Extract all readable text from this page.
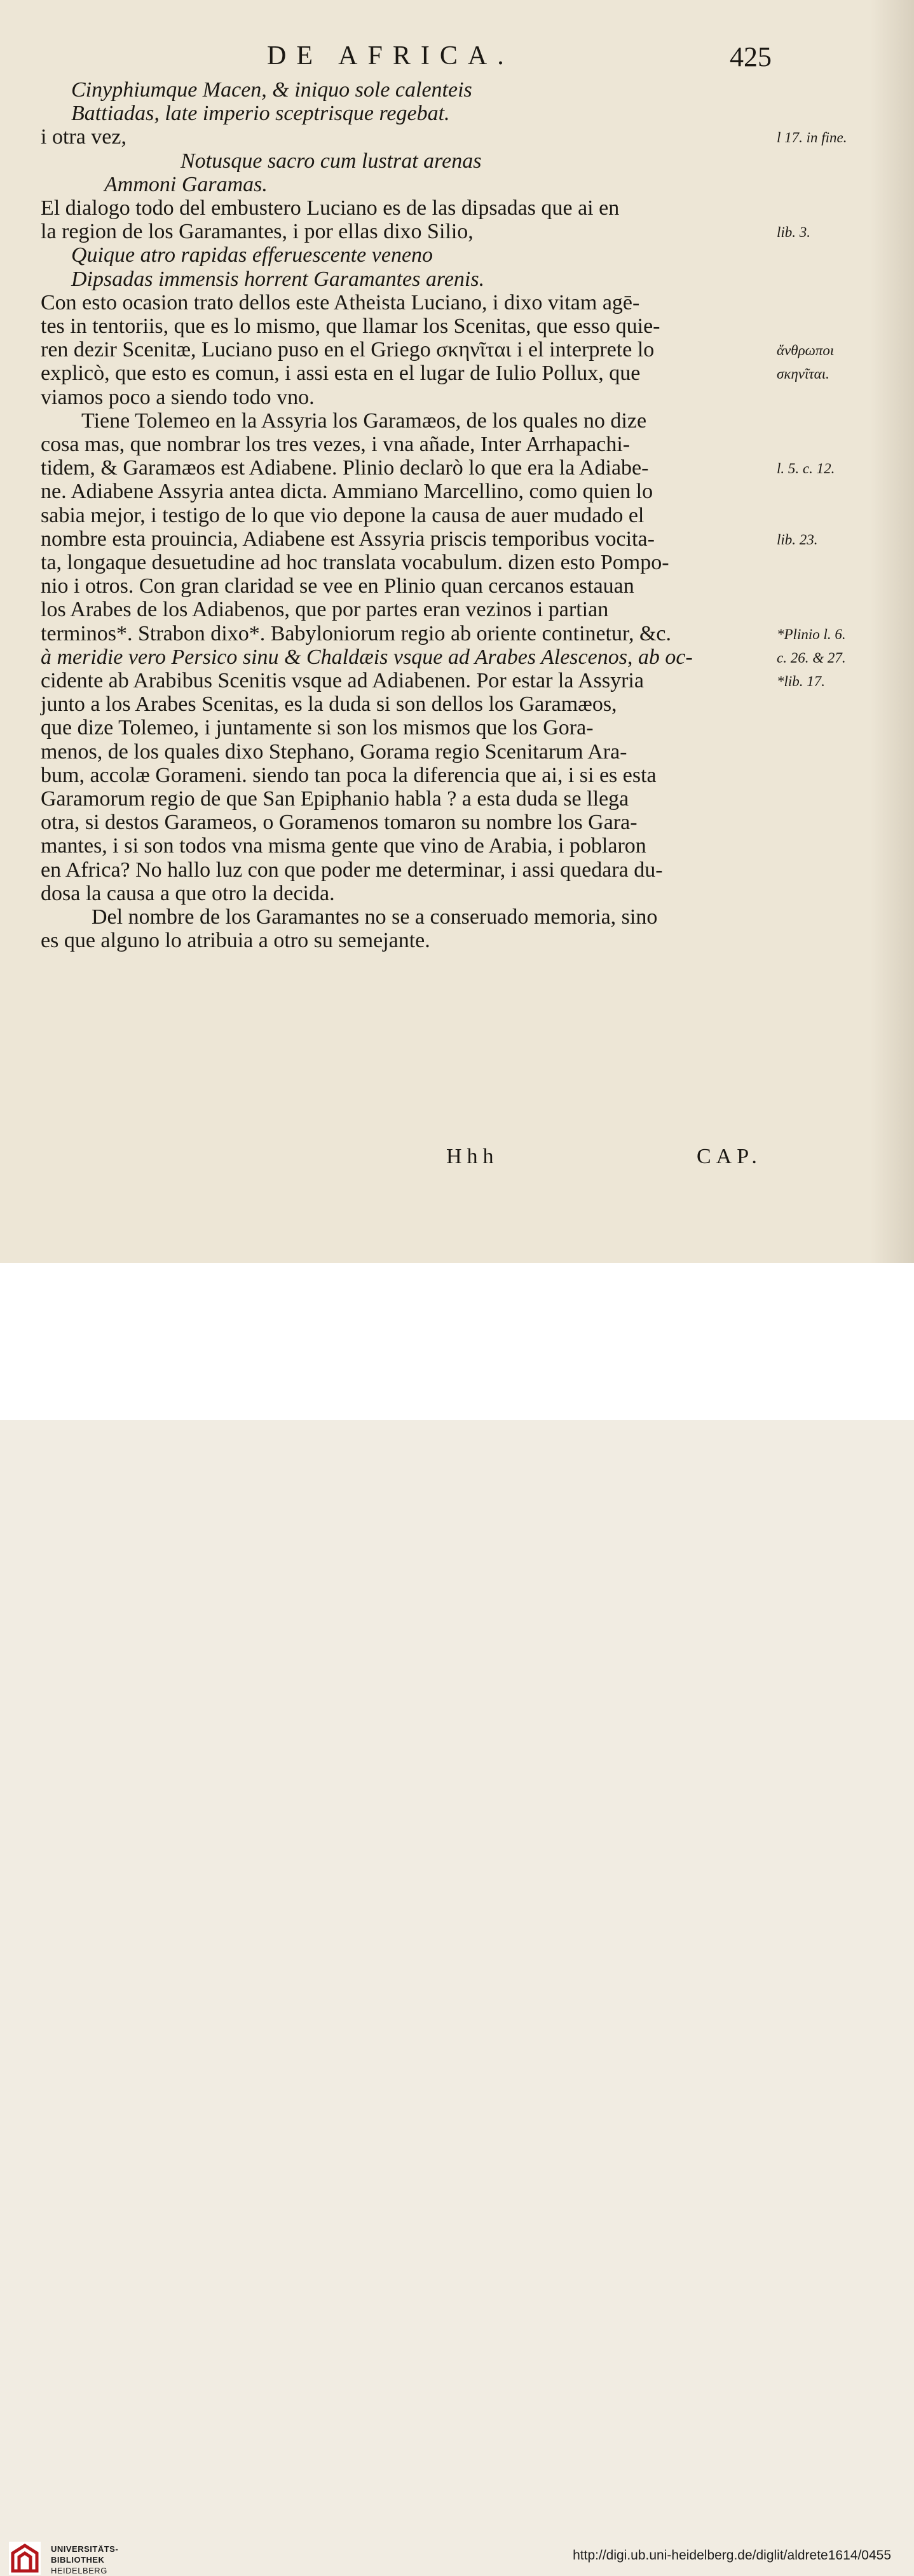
DE AFRICA.	425
Cinyphiumque Macen, & iniquo sole calenteis
Battiadas, late imperio sceptrisque regebat.
i otra vez,
Notusque sacro cum lustrat arenas
Ammoni Garamas.
El dialogo todo del embustero Luciano es de las dipsadas que ai en
la region de los Garamantes, i por ellas dixo Silio,
Quique atro rapidas efferuescente veneno
Dipsadas immensis horrent Garamantes arenis.
Con esto ocasion trato dellos este Atheista Luciano, i dixo vitam agē-
tes in tentoriis, que es lo mismo, que llamar los Scenitas, que esso quie-
ren dezir Scenitæ, Luciano puso en el Griego σκηνῖται i el interprete lo
explicò, que esto es comun, i assi esta en el lugar de Iulio Pollux, que
viamos poco a siendo todo vno.
Tiene Tolemeo en la Assyria los Garamæos, de los quales no dize
cosa mas, que nombrar los tres vezes, i vna añade, Inter Arrhapachi-
tidem, & Garamæos est Adiabene. Plinio declarò lo que era la Adiabe-
ne. Adiabene Assyria antea dicta. Ammiano Marcellino, como quien lo
sabia mejor, i testigo de lo que vio depone la causa de auer mudado el
nombre esta prouincia, Adiabene est Assyria priscis temporibus vocita-
ta, longaque desuetudine ad hoc translata vocabulum. dizen esto Pompo-
nio i otros. Con gran claridad se vee en Plinio quan cercanos estauan
los Arabes de los Adiabenos, que por partes eran vezinos i partian
terminos*. Strabon dixo*. Babyloniorum regio ab oriente continetur, &c.
à meridie vero Persico sinu & Chaldæis vsque ad Arabes Alescenos, ab oc-
cidente ab Arabibus Scenitis vsque ad Adiabenen. Por estar la Assyria
junto a los Arabes Scenitas, es la duda si son dellos los Garamæos,
que dize Tolemeo, i juntamente si son los mismos que los Gora-
menos, de los quales dixo Stephano, Gorama regio Scenitarum Ara-
bum, accolæ Gorameni. siendo tan poca la diferencia que ai, i si es esta
Garamorum regio de que San Epiphanio habla ? a esta duda se llega
otra, si destos Garameos, o Goramenos tomaron su nombre los Gara-
mantes, i si son todos vna misma gente que vino de Arabia, i poblaron
en Africa? No hallo luz con que poder me determinar, i assi quedara du-
dosa la causa a que otro la decida.
Del nombre de los Garamantes no se a conseruado memoria, sino
es que alguno lo atribuia a otro su semejante.
l 17. in fine.
lib. 3.
ἄνθρωποι
σκηνῖται.
l. 5. c. 12.
lib. 23.
*Plinio l. 6.
c. 26. & 27.
*lib. 17.
Hhh	CAP.
UNIVERSITÄTS-
BIBLIOTHEK
HEIDELBERG
http://digi.ub.uni-heidelberg.de/diglit/aldrete1614/0455
